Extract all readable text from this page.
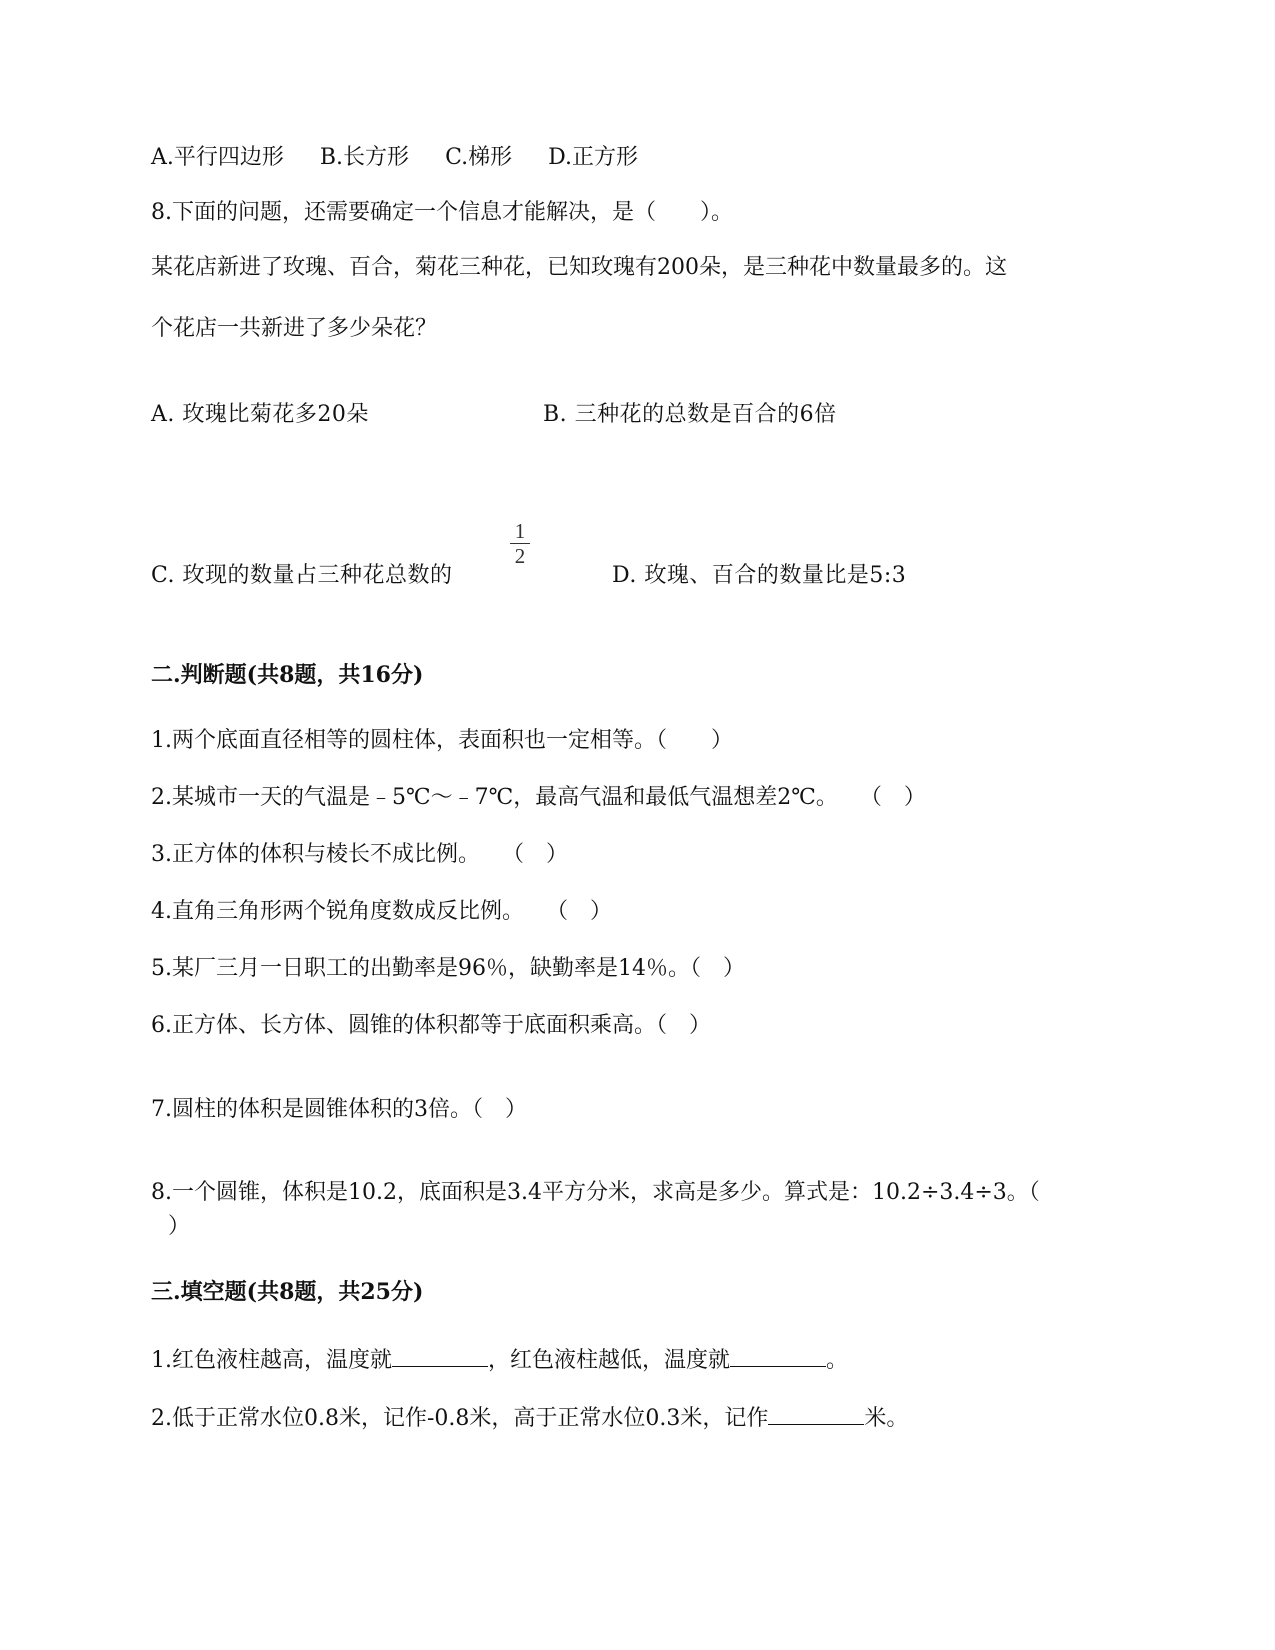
A.平行四边形 B.长方形 C.梯形 D.正方形
8.下面的问题，还需要确定一个信息才能解决，是（　　）。
某花店新进了玫瑰、百合，菊花三种花，已知玫瑰有200朵，是三种花中数量最多的。这
个花店一共新进了多少朵花？
A. 玫瑰比菊花多20朵	B. 三种花的总数是百合的6倍
C. 玫现的数量占三种花总数的
1
2
D. 玫瑰、百合的数量比是5:3
二.判断题(共8题，共16分)
1.两个底面直径相等的圆柱体，表面积也一定相等。（　　）
2.某城市一天的气温是﹣5℃～﹣7℃，最高气温和最低气温想差2℃。　　（　）
3.正方体的体积与棱长不成比例。　　（　）
4.直角三角形两个锐角度数成反比例。　　（　）
5.某厂三月一日职工的出勤率是96％，缺勤率是14％。（　）
6.正方体、长方体、圆锥的体积都等于底面积乘高。（　）
7.圆柱的体积是圆锥体积的3倍。（　）
8.一个圆锥，体积是10.2，底面积是3.4平方分米，求高是多少。算式是：10.2÷3.4÷3。（
）
三.填空题(共8题，共25分)
1.红色液柱越高，温度就	，红色液柱越低，温度就	。
2.低于正常水位0.8米，记作-0.8米，高于正常水位0.3米，记作	米。
